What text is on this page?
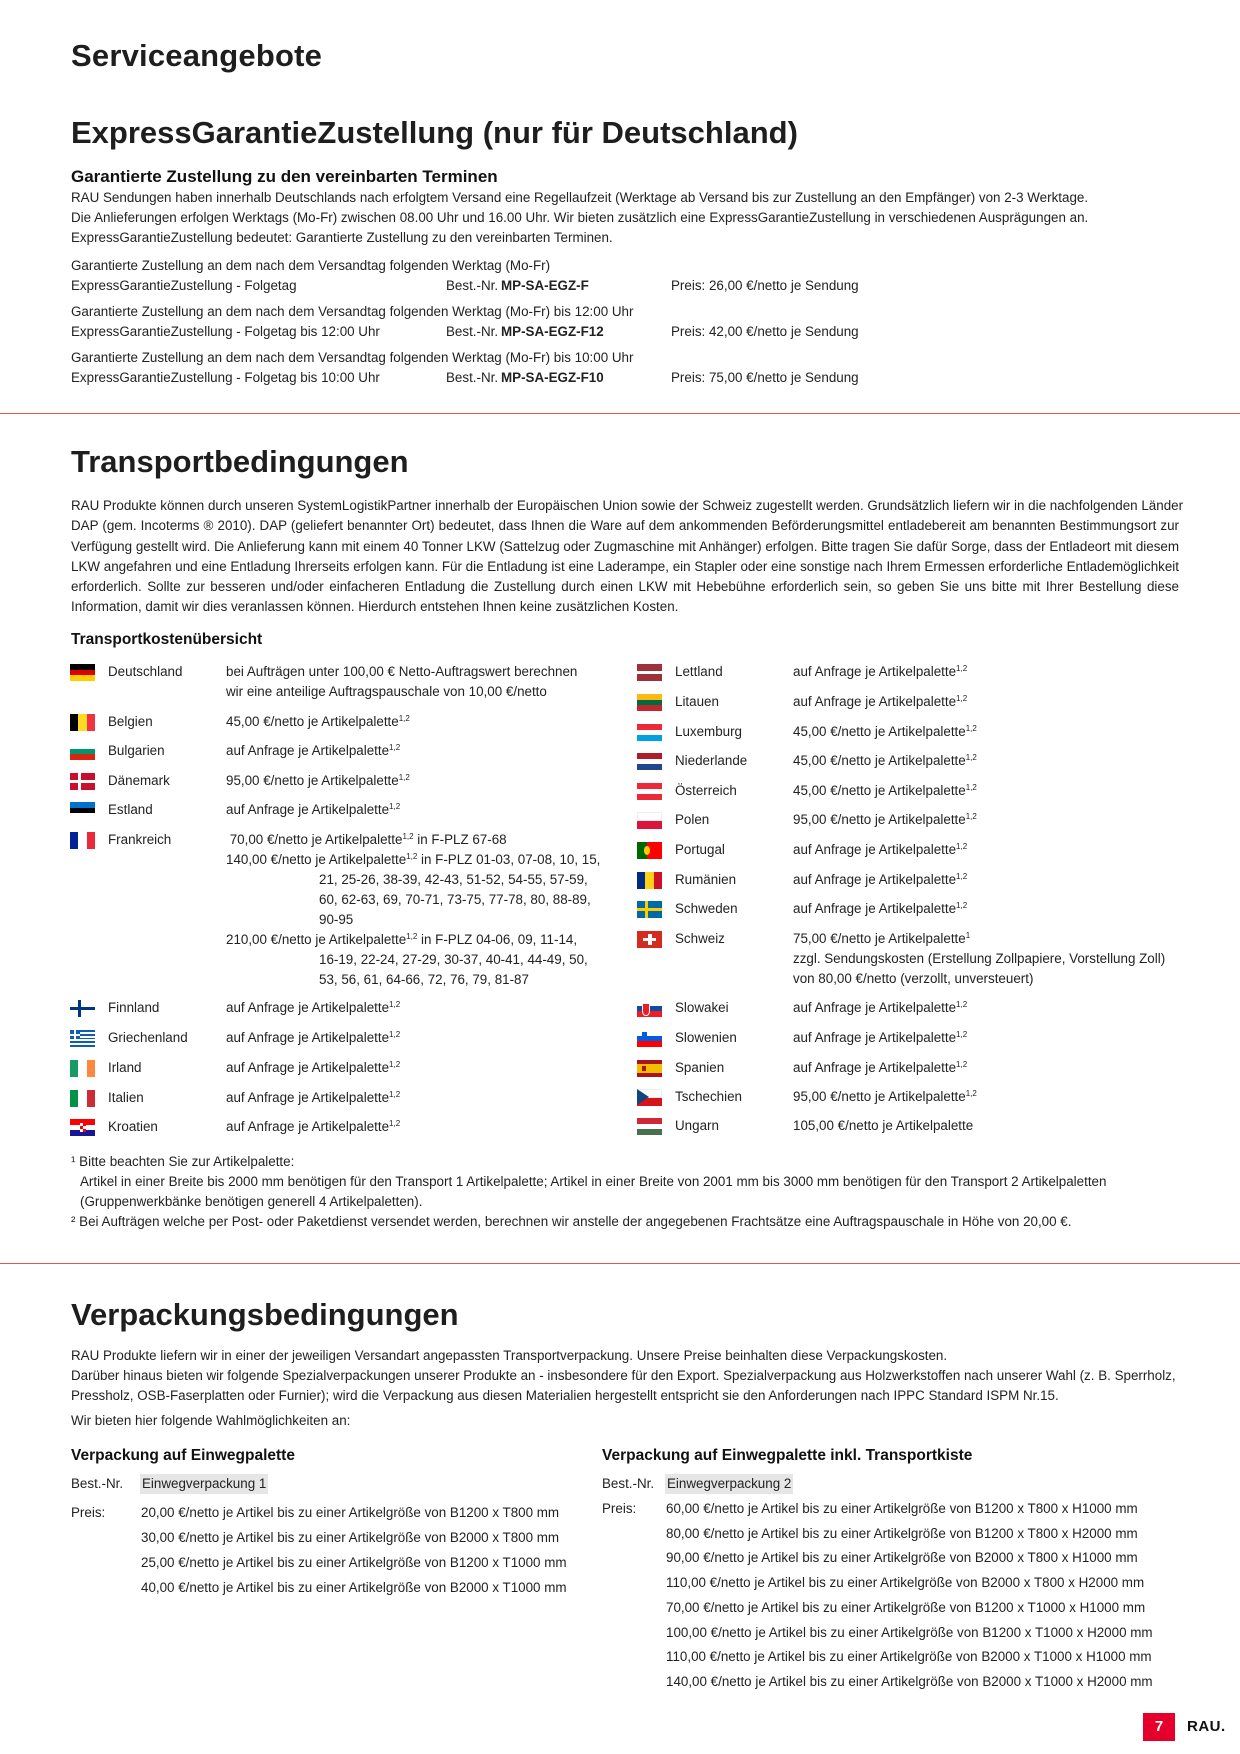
Serviceangebote
ExpressGarantieZustellung (nur für Deutschland)
Garantierte Zustellung zu den vereinbarten Terminen
RAU Sendungen haben innerhalb Deutschlands nach erfolgtem Versand eine Regellaufzeit (Werktage ab Versand bis zur Zustellung an den Empfänger) von 2-3 Werktage.
Die Anlieferungen erfolgen Werktags (Mo-Fr) zwischen 08.00 Uhr und 16.00 Uhr. Wir bieten zusätzlich eine ExpressGarantieZustellung in verschiedenen Ausprägungen an.
ExpressGarantieZustellung bedeutet: Garantierte Zustellung zu den vereinbarten Terminen.
Garantierte Zustellung an dem nach dem Versandtag folgenden Werktag (Mo-Fr)
ExpressGarantieZustellung - Folgetag	Best.-Nr. MP-SA-EGZ-F	Preis: 26,00 €/netto je Sendung
Garantierte Zustellung an dem nach dem Versandtag folgenden Werktag (Mo-Fr) bis 12:00 Uhr
ExpressGarantieZustellung - Folgetag bis 12:00 Uhr	Best.-Nr. MP-SA-EGZ-F12	Preis: 42,00 €/netto je Sendung
Garantierte Zustellung an dem nach dem Versandtag folgenden Werktag (Mo-Fr) bis 10:00 Uhr
ExpressGarantieZustellung - Folgetag bis 10:00 Uhr	Best.-Nr. MP-SA-EGZ-F10	Preis: 75,00 €/netto je Sendung
Transportbedingungen
RAU Produkte können durch unseren SystemLogistikPartner innerhalb der Europäischen Union sowie der Schweiz zugestellt werden. Grundsätzlich liefern wir in die nachfolgenden Länder
DAP (gem. Incoterms ® 2010). DAP (geliefert benannter Ort) bedeutet, dass Ihnen die Ware auf dem ankommenden Beförderungsmittel entladebereit am benannten Bestimmungsort zur
Verfügung gestellt wird. Die Anlieferung kann mit einem 40 Tonner LKW (Sattelzug oder Zugmaschine mit Anhänger) erfolgen. Bitte tragen Sie dafür Sorge, dass der Entladeort mit diesem
LKW angefahren und eine Entladung Ihrerseits erfolgen kann. Für die Entladung ist eine Laderampe, ein Stapler oder eine sonstige nach Ihrem Ermessen erforderliche Entlademöglichkeit
erforderlich. Sollte zur besseren und/oder einfacheren Entladung die Zustellung durch einen LKW mit Hebebühne erforderlich sein, so geben Sie uns bitte mit Ihrer Bestellung diese
Information, damit wir dies veranlassen können. Hierdurch entstehen Ihnen keine zusätzlichen Kosten.
Transportkostenübersicht
Deutschland	bei Aufträgen unter 100,00 € Netto-Auftragswert berechnen
wir eine anteilige Auftragspauschale von 10,00 €/netto
Belgien	45,00 €/netto je Artikelpalette$^{1,2}$
Bulgarien	auf Anfrage je Artikelpalette$^{1,2}$
Dänemark	95,00 €/netto je Artikelpalette$^{1,2}$
Estland	auf Anfrage je Artikelpalette$^{1,2}$
Frankreich	70,00 €/netto je Artikelpalette$^{1,2}$ in F-PLZ 67-68
140,00 €/netto je Artikelpalette$^{1,2}$ in F-PLZ 01-03, 07-08, 10, 15,
21, 25-26, 38-39, 42-43, 51-52, 54-55, 57-59,
60, 62-63, 69, 70-71, 73-75, 77-78, 80, 88-89,
90-95
210,00 €/netto je Artikelpalette$^{1,2}$ in F-PLZ 04-06, 09, 11-14,
16-19, 22-24, 27-29, 30-37, 40-41, 44-49, 50,
53, 56, 61, 64-66, 72, 76, 79, 81-87
Finnland	auf Anfrage je Artikelpalette$^{1,2}$
Griechenland	auf Anfrage je Artikelpalette$^{1,2}$
Irland	auf Anfrage je Artikelpalette$^{1,2}$
Italien	auf Anfrage je Artikelpalette$^{1,2}$
Kroatien	auf Anfrage je Artikelpalette$^{1,2}$
Lettland	auf Anfrage je Artikelpalette$^{1,2}$
Litauen	auf Anfrage je Artikelpalette$^{1,2}$
Luxemburg	45,00 €/netto je Artikelpalette$^{1,2}$
Niederlande	45,00 €/netto je Artikelpalette$^{1,2}$
Österreich	45,00 €/netto je Artikelpalette$^{1,2}$
Polen	95,00 €/netto je Artikelpalette$^{1,2}$
Portugal	auf Anfrage je Artikelpalette$^{1,2}$
Rumänien	auf Anfrage je Artikelpalette$^{1,2}$
Schweden	auf Anfrage je Artikelpalette$^{1,2}$
Schweiz	75,00 €/netto je Artikelpalette$^1$
zzgl. Sendungskosten (Erstellung Zollpapiere, Vorstellung Zoll)
von 80,00 €/netto (verzollt, unversteuert)
Slowakei	auf Anfrage je Artikelpalette$^{1,2}$
Slowenien	auf Anfrage je Artikelpalette$^{1,2}$
Spanien	auf Anfrage je Artikelpalette$^{1,2}$
Tschechien	95,00 €/netto je Artikelpalette$^{1,2}$
Ungarn	105,00 €/netto je Artikelpalette
¹ Bitte beachten Sie zur Artikelpalette:
Artikel in einer Breite bis 2000 mm benötigen für den Transport 1 Artikelpalette; Artikel in einer Breite von 2001 mm bis 3000 mm benötigen für den Transport 2 Artikelpaletten
(Gruppenwerkbänke benötigen generell 4 Artikelpaletten).
² Bei Aufträgen welche per Post- oder Paketdienst versendet werden, berechnen wir anstelle der angegebenen Frachtsätze eine Auftragspauschale in Höhe von 20,00 €.
Verpackungsbedingungen
RAU Produkte liefern wir in einer der jeweiligen Versandart angepassten Transportverpackung. Unsere Preise beinhalten diese Verpackungskosten.
Darüber hinaus bieten wir folgende Spezialverpackungen unserer Produkte an - insbesondere für den Export. Spezialverpackung aus Holzwerkstoffen nach unserer Wahl (z. B. Sperrholz,
Pressholz, OSB-Faserplatten oder Furnier); wird die Verpackung aus diesen Materialien hergestellt entspricht sie den Anforderungen nach IPPC Standard ISPM Nr.15.
Wir bieten hier folgende Wahlmöglichkeiten an:
Verpackung auf Einwegpalette
Best.-Nr. Einwegverpackung 1
Preis:	20,00 €/netto je Artikel bis zu einer Artikelgröße von B1200 x T800 mm
30,00 €/netto je Artikel bis zu einer Artikelgröße von B2000 x T800 mm
25,00 €/netto je Artikel bis zu einer Artikelgröße von B1200 x T1000 mm
40,00 €/netto je Artikel bis zu einer Artikelgröße von B2000 x T1000 mm
Verpackung auf Einwegpalette inkl. Transportkiste
Best.-Nr. Einwegverpackung 2
Preis: 60,00 €/netto je Artikel bis zu einer Artikelgröße von B1200 x T800 x H1000 mm
80,00 €/netto je Artikel bis zu einer Artikelgröße von B1200 x T800 x H2000 mm
90,00 €/netto je Artikel bis zu einer Artikelgröße von B2000 x T800 x H1000 mm
110,00 €/netto je Artikel bis zu einer Artikelgröße von B2000 x T800 x H2000 mm
70,00 €/netto je Artikel bis zu einer Artikelgröße von B1200 x T1000 x H1000 mm
100,00 €/netto je Artikel bis zu einer Artikelgröße von B1200 x T1000 x H2000 mm
110,00 €/netto je Artikel bis zu einer Artikelgröße von B2000 x T1000 x H1000 mm
140,00 €/netto je Artikel bis zu einer Artikelgröße von B2000 x T1000 x H2000 mm
7	RAU.
